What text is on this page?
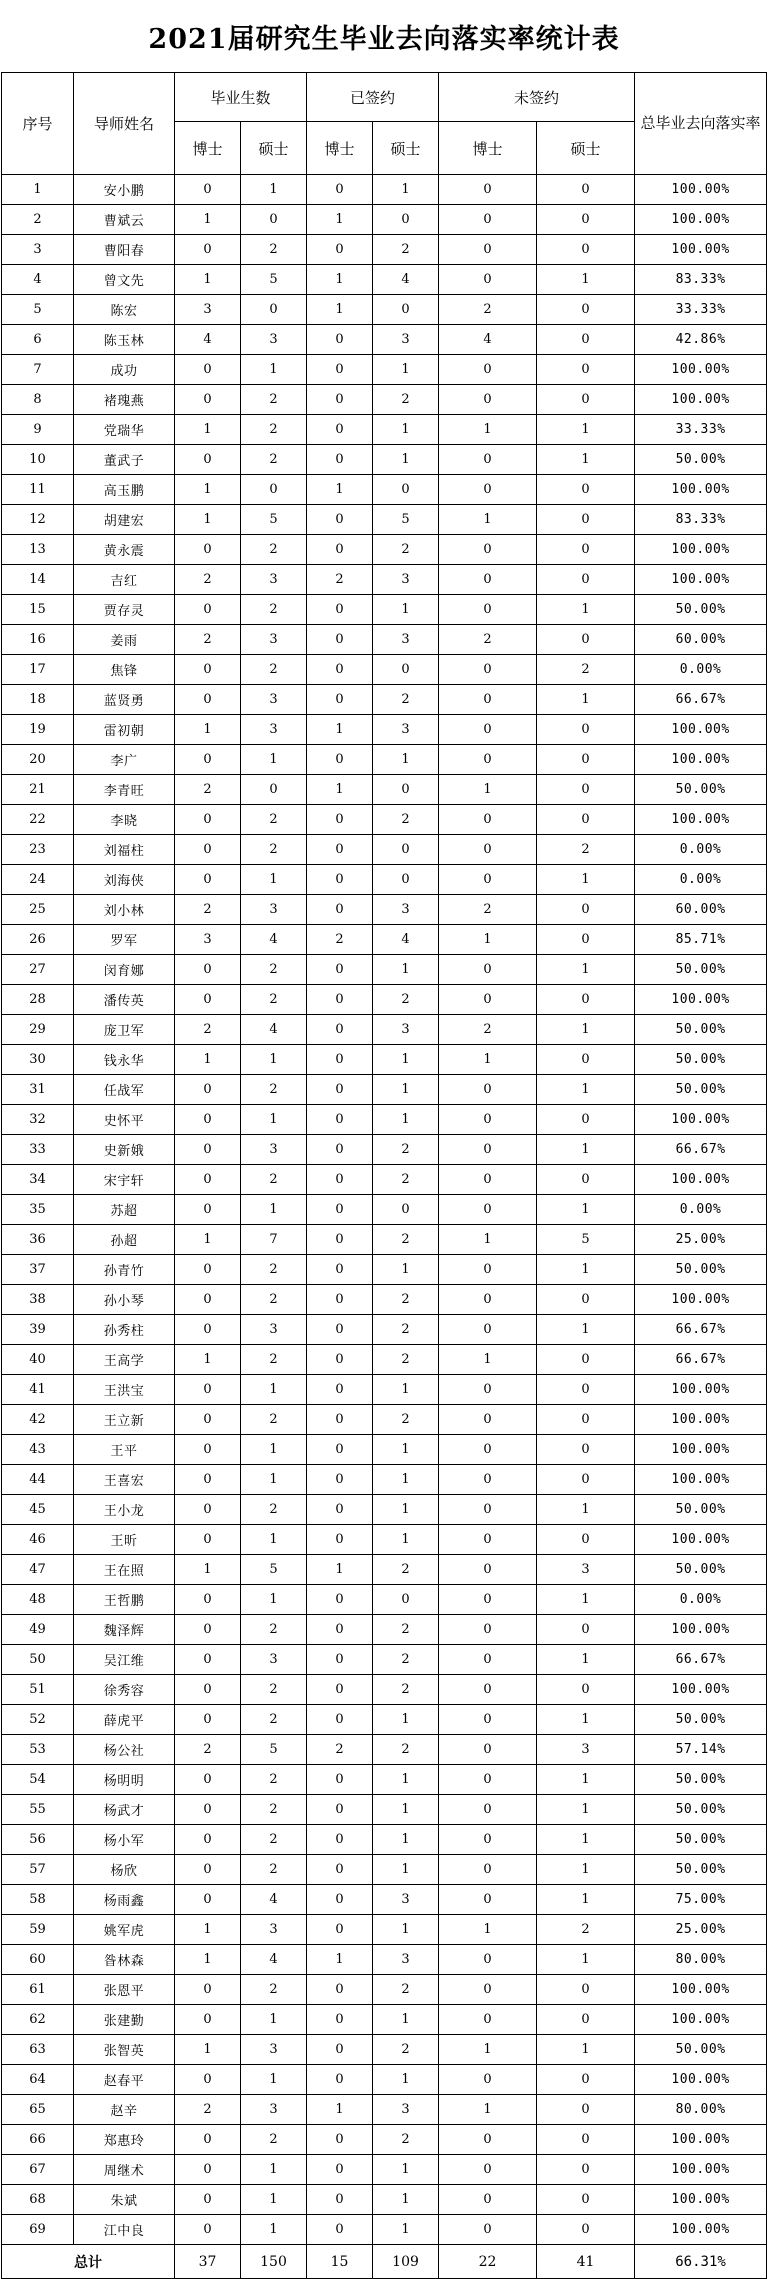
2021届研究生毕业去向落实率统计表
序号	导师姓名	毕业生数		已签约		未签约		总毕业去向落实率
		博士	硕士	博士	硕士	博士	硕士	
1	安小鹏	0	1	0	1	0	0	100.00%
2	曹斌云	1	0	1	0	0	0	100.00%
3	曹阳春	0	2	0	2	0	0	100.00%
4	曾文先	1	5	1	4	0	1	83.33%
5	陈宏	3	0	1	0	2	0	33.33%
6	陈玉林	4	3	0	3	4	0	42.86%
7	成功	0	1	0	1	0	0	100.00%
8	褚瑰燕	0	2	0	2	0	0	100.00%
9	党瑞华	1	2	0	1	1	1	33.33%
10	董武子	0	2	0	1	0	1	50.00%
11	高玉鹏	1	0	1	0	0	0	100.00%
12	胡建宏	1	5	0	5	1	0	83.33%
13	黄永震	0	2	0	2	0	0	100.00%
14	吉红	2	3	2	3	0	0	100.00%
15	贾存灵	0	2	0	1	0	1	50.00%
16	姜雨	2	3	0	3	2	0	60.00%
17	焦锋	0	2	0	0	0	2	0.00%
18	蓝贤勇	0	3	0	2	0	1	66.67%
19	雷初朝	1	3	1	3	0	0	100.00%
20	李广	0	1	0	1	0	0	100.00%
21	李青旺	2	0	1	0	1	0	50.00%
22	李晓	0	2	0	2	0	0	100.00%
23	刘福柱	0	2	0	0	0	2	0.00%
24	刘海侠	0	1	0	0	0	1	0.00%
25	刘小林	2	3	0	3	2	0	60.00%
26	罗军	3	4	2	4	1	0	85.71%
27	闵育娜	0	2	0	1	0	1	50.00%
28	潘传英	0	2	0	2	0	0	100.00%
29	庞卫军	2	4	0	3	2	1	50.00%
30	钱永华	1	1	0	1	1	0	50.00%
31	任战军	0	2	0	1	0	1	50.00%
32	史怀平	0	1	0	1	0	0	100.00%
33	史新娥	0	3	0	2	0	1	66.67%
34	宋宇轩	0	2	0	2	0	0	100.00%
35	苏超	0	1	0	0	0	1	0.00%
36	孙超	1	7	0	2	1	5	25.00%
37	孙青竹	0	2	0	1	0	1	50.00%
38	孙小琴	0	2	0	2	0	0	100.00%
39	孙秀柱	0	3	0	2	0	1	66.67%
40	王高学	1	2	0	2	1	0	66.67%
41	王洪宝	0	1	0	1	0	0	100.00%
42	王立新	0	2	0	2	0	0	100.00%
43	王平	0	1	0	1	0	0	100.00%
44	王喜宏	0	1	0	1	0	0	100.00%
45	王小龙	0	2	0	1	0	1	50.00%
46	王昕	0	1	0	1	0	0	100.00%
47	王在照	1	5	1	2	0	3	50.00%
48	王哲鹏	0	1	0	0	0	1	0.00%
49	魏泽辉	0	2	0	2	0	0	100.00%
50	吴江维	0	3	0	2	0	1	66.67%
51	徐秀容	0	2	0	2	0	0	100.00%
52	薛虎平	0	2	0	1	0	1	50.00%
53	杨公社	2	5	2	2	0	3	57.14%
54	杨明明	0	2	0	1	0	1	50.00%
55	杨武才	0	2	0	1	0	1	50.00%
56	杨小军	0	2	0	1	0	1	50.00%
57	杨欣	0	2	0	1	0	1	50.00%
58	杨雨鑫	0	4	0	3	0	1	75.00%
59	姚军虎	1	3	0	1	1	2	25.00%
60	昝林森	1	4	1	3	0	1	80.00%
61	张恩平	0	2	0	2	0	0	100.00%
62	张建勤	0	1	0	1	0	0	100.00%
63	张智英	1	3	0	2	1	1	50.00%
64	赵春平	0	1	0	1	0	0	100.00%
65	赵辛	2	3	1	3	1	0	80.00%
66	郑惠玲	0	2	0	2	0	0	100.00%
67	周继术	0	1	0	1	0	0	100.00%
68	朱斌	0	1	0	1	0	0	100.00%
69	江中良	0	1	0	1	0	0	100.00%
总计		37	150	15	109	22	41	66.31%
